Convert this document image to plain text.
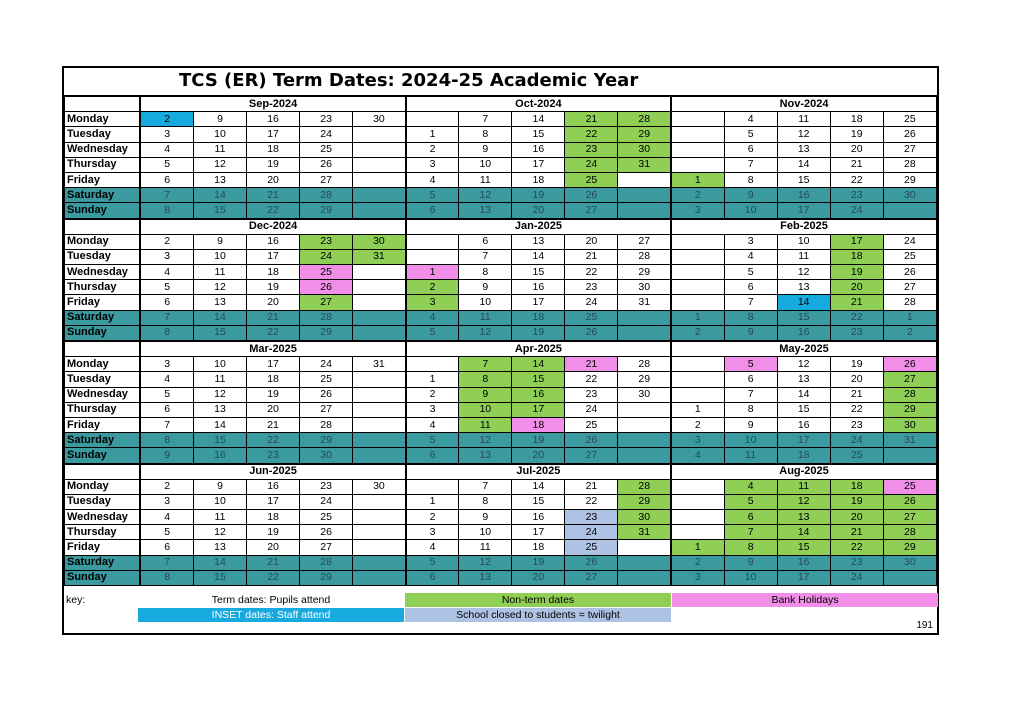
TCS (ER) Term Dates: 2024-25 Academic Year
	Sep-2024					Oct-2024					Nov-2024				
Monday	2	9	16	23	30		7	14	21	28		4	11	18	25
Tuesday	3	10	17	24		1	8	15	22	29		5	12	19	26
Wednesday	4	11	18	25		2	9	16	23	30		6	13	20	27
Thursday	5	12	19	26		3	10	17	24	31		7	14	21	28
Friday	6	13	20	27		4	11	18	25		1	8	15	22	29
Saturday	7	14	21	28		5	12	19	26		2	9	16	23	30
Sunday	8	15	22	29		6	13	20	27		3	10	17	24	
	Dec-2024					Jan-2025					Feb-2025				
Monday	2	9	16	23	30		6	13	20	27		3	10	17	24
Tuesday	3	10	17	24	31		7	14	21	28		4	11	18	25
Wednesday	4	11	18	25		1	8	15	22	29		5	12	19	26
Thursday	5	12	19	26		2	9	16	23	30		6	13	20	27
Friday	6	13	20	27		3	10	17	24	31		7	14	21	28
Saturday	7	14	21	28		4	11	18	25		1	8	15	22	1
Sunday	8	15	22	29		5	12	19	26		2	9	16	23	2
	Mar-2025					Apr-2025					May-2025				
Monday	3	10	17	24	31		7	14	21	28		5	12	19	26
Tuesday	4	11	18	25		1	8	15	22	29		6	13	20	27
Wednesday	5	12	19	26		2	9	16	23	30		7	14	21	28
Thursday	6	13	20	27		3	10	17	24		1	8	15	22	29
Friday	7	14	21	28		4	11	18	25		2	9	16	23	30
Saturday	8	15	22	29		5	12	19	26		3	10	17	24	31
Sunday	9	16	23	30		6	13	20	27		4	11	18	25	
	Jun-2025					Jul-2025					Aug-2025				
Monday	2	9	16	23	30		7	14	21	28		4	11	18	25
Tuesday	3	10	17	24		1	8	15	22	29		5	12	19	26
Wednesday	4	11	18	25		2	9	16	23	30		6	13	20	27
Thursday	5	12	19	26		3	10	17	24	31		7	14	21	28
Friday	6	13	20	27		4	11	18	25		1	8	15	22	29
Saturday	7	14	21	28		5	12	19	26		2	9	16	23	30
Sunday	8	15	22	29		6	13	20	27		3	10	17	24	
key:	Term dates: Pupils attend	Non-term dates	Bank Holidays
INSET dates: Staff attend	School closed to students = twilight
191
